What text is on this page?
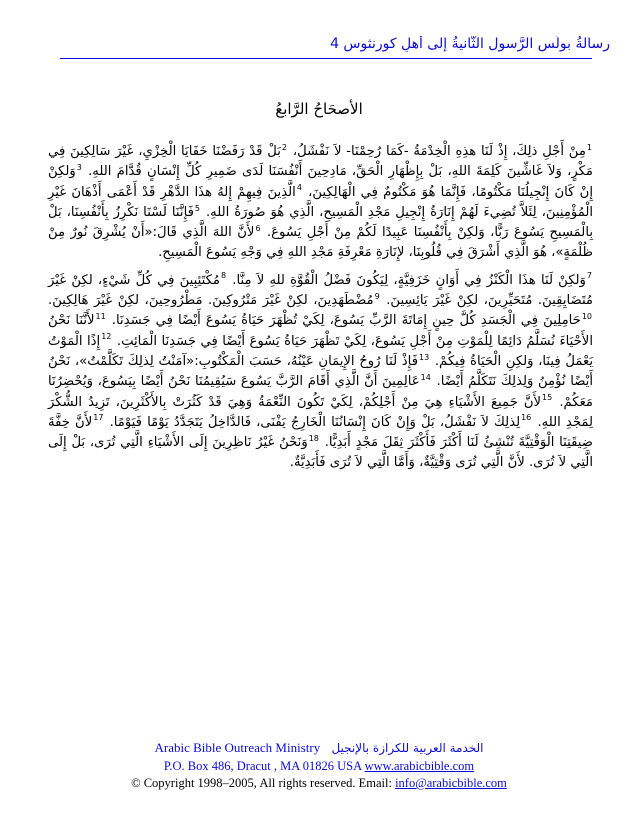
رسالةُ بولُس الرَّسول الثَّانيةُ إلى أهلِ كورنثوس 4
الأصحَاحُ الرَّابعُ

$^1$مِنْ أَجْلِ ذلِكَ، إِذْ لَنَا هذِهِ الْخِدْمَةُ -كَمَا رُحِمْنَا- لاَ نَفْشَلُ، $^2$بَلْ قَدْ رَفَضْنَا خَفَايَا الْخِزْيِ، غَيْرَ سَالِكِينَ فِي مَكْرٍ، وَلاَ غَاشِّينَ كَلِمَةَ اللهِ، بَلْ بِإِظْهَارِ الْحَقِّ، مَادِحِينَ أَنْفُسَنَا لَدَى ضَمِيرِ كُلِّ إِنْسَانٍ قُدَّامَ اللهِ. $^3$وَلكِنْ إِنْ كَانَ إِنْجِيلُنَا مَكْتُومًا، فَإِنَّمَا هُوَ مَكْتُومٌ فِي الْهَالِكِينَ، $^4$الَّذِينَ فِيهِمْ إِلهُ هذَا الدَّهْرِ قَدْ أَعْمَى أَذْهَانَ غَيْرِ الْمُؤْمِنِينَ، لِئَلاَّ تُضِيءَ لَهُمْ إِنَارَةُ إِنْجِيلِ مَجْدِ الْمَسِيحِ، الَّذِي هُوَ صُورَةُ اللهِ. $^5$فَإِنَّنَا لَسْنَا نَكْرِزُ بِأَنْفُسِنَا، بَلْ بِالْمَسِيحِ يَسُوعَ رَبًّا، وَلكِنْ بِأَنْفُسِنَا عَبِيدًا لَكُمْ مِنْ أَجْلِ يَسُوعَ. $^6$لأَنَّ اللهَ الَّذِي قَالَ:«أَنْ يُشْرِقَ نُورٌ مِنْ ظُلْمَةٍ»، هُوَ الَّذِي أَشْرَقَ فِي قُلُوبِنَا، لإِنَارَةِ مَعْرِفَةِ مَجْدِ اللهِ فِي وَجْهِ يَسُوعَ الْمَسِيحِ.

$^7$وَلكِنْ لَنَا هذَا الْكَنْزُ فِي أَوَانٍ خَزَفِيَّةٍ، لِيَكُونَ فَضْلُ الْقُوَّةِ للهِ لاَ مِنَّا. $^8$مُكْتَئِبِينَ فِي كُلِّ شَيْءٍ، لكِنْ غَيْرَ مُتَضَايِقِينَ. مُتَحَيِّرِينَ، لكِنْ غَيْرَ يَائِسِينَ. $^9$مُضْطَهَدِينَ، لكِنْ غَيْرَ مَتْرُوكِينَ. مَطْرُوحِينَ، لكِنْ غَيْرَ هَالِكِينَ. $^{10}$حَامِلِينَ فِي الْجَسَدِ كُلَّ حِينٍ إِمَاتَةَ الرَّبِّ يَسُوعَ، لِكَيْ تُظْهَرَ حَيَاةُ يَسُوعَ أَيْضًا فِي جَسَدِنَا. $^{11}$لأَنَّنَا نَحْنُ الأَحْيَاءَ نُسَلَّمُ دَائِمًا لِلْمَوْتِ مِنْ أَجْلِ يَسُوعَ، لِكَيْ تَظْهَرَ حَيَاةُ يَسُوعَ أَيْضًا فِي جَسَدِنَا الْمَائِتِ. $^{12}$إِذًا الْمَوْتُ يَعْمَلُ فِينَا، وَلكِنِ الْحَيَاةُ فِيكُمْ. $^{13}$فَإِذْ لَنَا رُوحُ الإِيمَانِ عَيْنُهُ، حَسَبَ الْمَكْتُوبِ:«آمَنْتُ لِذلِكَ تَكَلَّمْتُ»، نَحْنُ أَيْضًا نُؤْمِنُ وَلِذلِكَ نَتَكَلَّمُ أَيْضًا. $^{14}$عَالِمِينَ أَنَّ الَّذِي أَقَامَ الرَّبَّ يَسُوعَ سَيُقِيمُنَا نَحْنُ أَيْضًا بِيَسُوعَ، وَيُحْضِرُنَا مَعَكُمْ. $^{15}$لأَنَّ جَمِيعَ الأَشْيَاءِ هِيَ مِنْ أَجْلِكُمْ، لِكَيْ تَكُونَ النِّعْمَةُ وَهِيَ قَدْ كَثُرَتْ بِالأَكْثَرِينَ، تَزِيدُ الشُّكْرَ لِمَجْدِ اللهِ. $^{16}$لِذلِكَ لاَ نَفْشَلُ، بَلْ وَإِنْ كَانَ إِنْسَانُنَا الْخَارِجُ يَفْنَى، فَالدَّاخِلُ يَتَجَدَّدُ يَوْمًا فَيَوْمًا. $^{17}$لأَنَّ خِفَّةَ ضِيقَتِنَا الْوَقْتِيَّةَ تُنْشِئُ لَنَا أَكْثَرَ فَأَكْثَرَ ثِقَلَ مَجْدٍ أَبَدِيًّا. $^{18}$وَنَحْنُ غَيْرُ نَاظِرِينَ إِلَى الأَشْيَاءِ الَّتِي تُرَى، بَلْ إِلَى الَّتِي لاَ تُرَى. لأَنَّ الَّتِي تُرَى وَقْتِيَّةٌ، وَأَمَّا الَّتِي لاَ تُرَى فَأَبَدِيَّةٌ.

Arabic Bible Outreach Ministry الخدمة العربية للكرازة بالإنجيل
P.O. Box 486, Dracut , MA 01826 USA www.arabicbible.com
© Copyright 1998–2005, All rights reserved. Email: info@arabicbible.com
